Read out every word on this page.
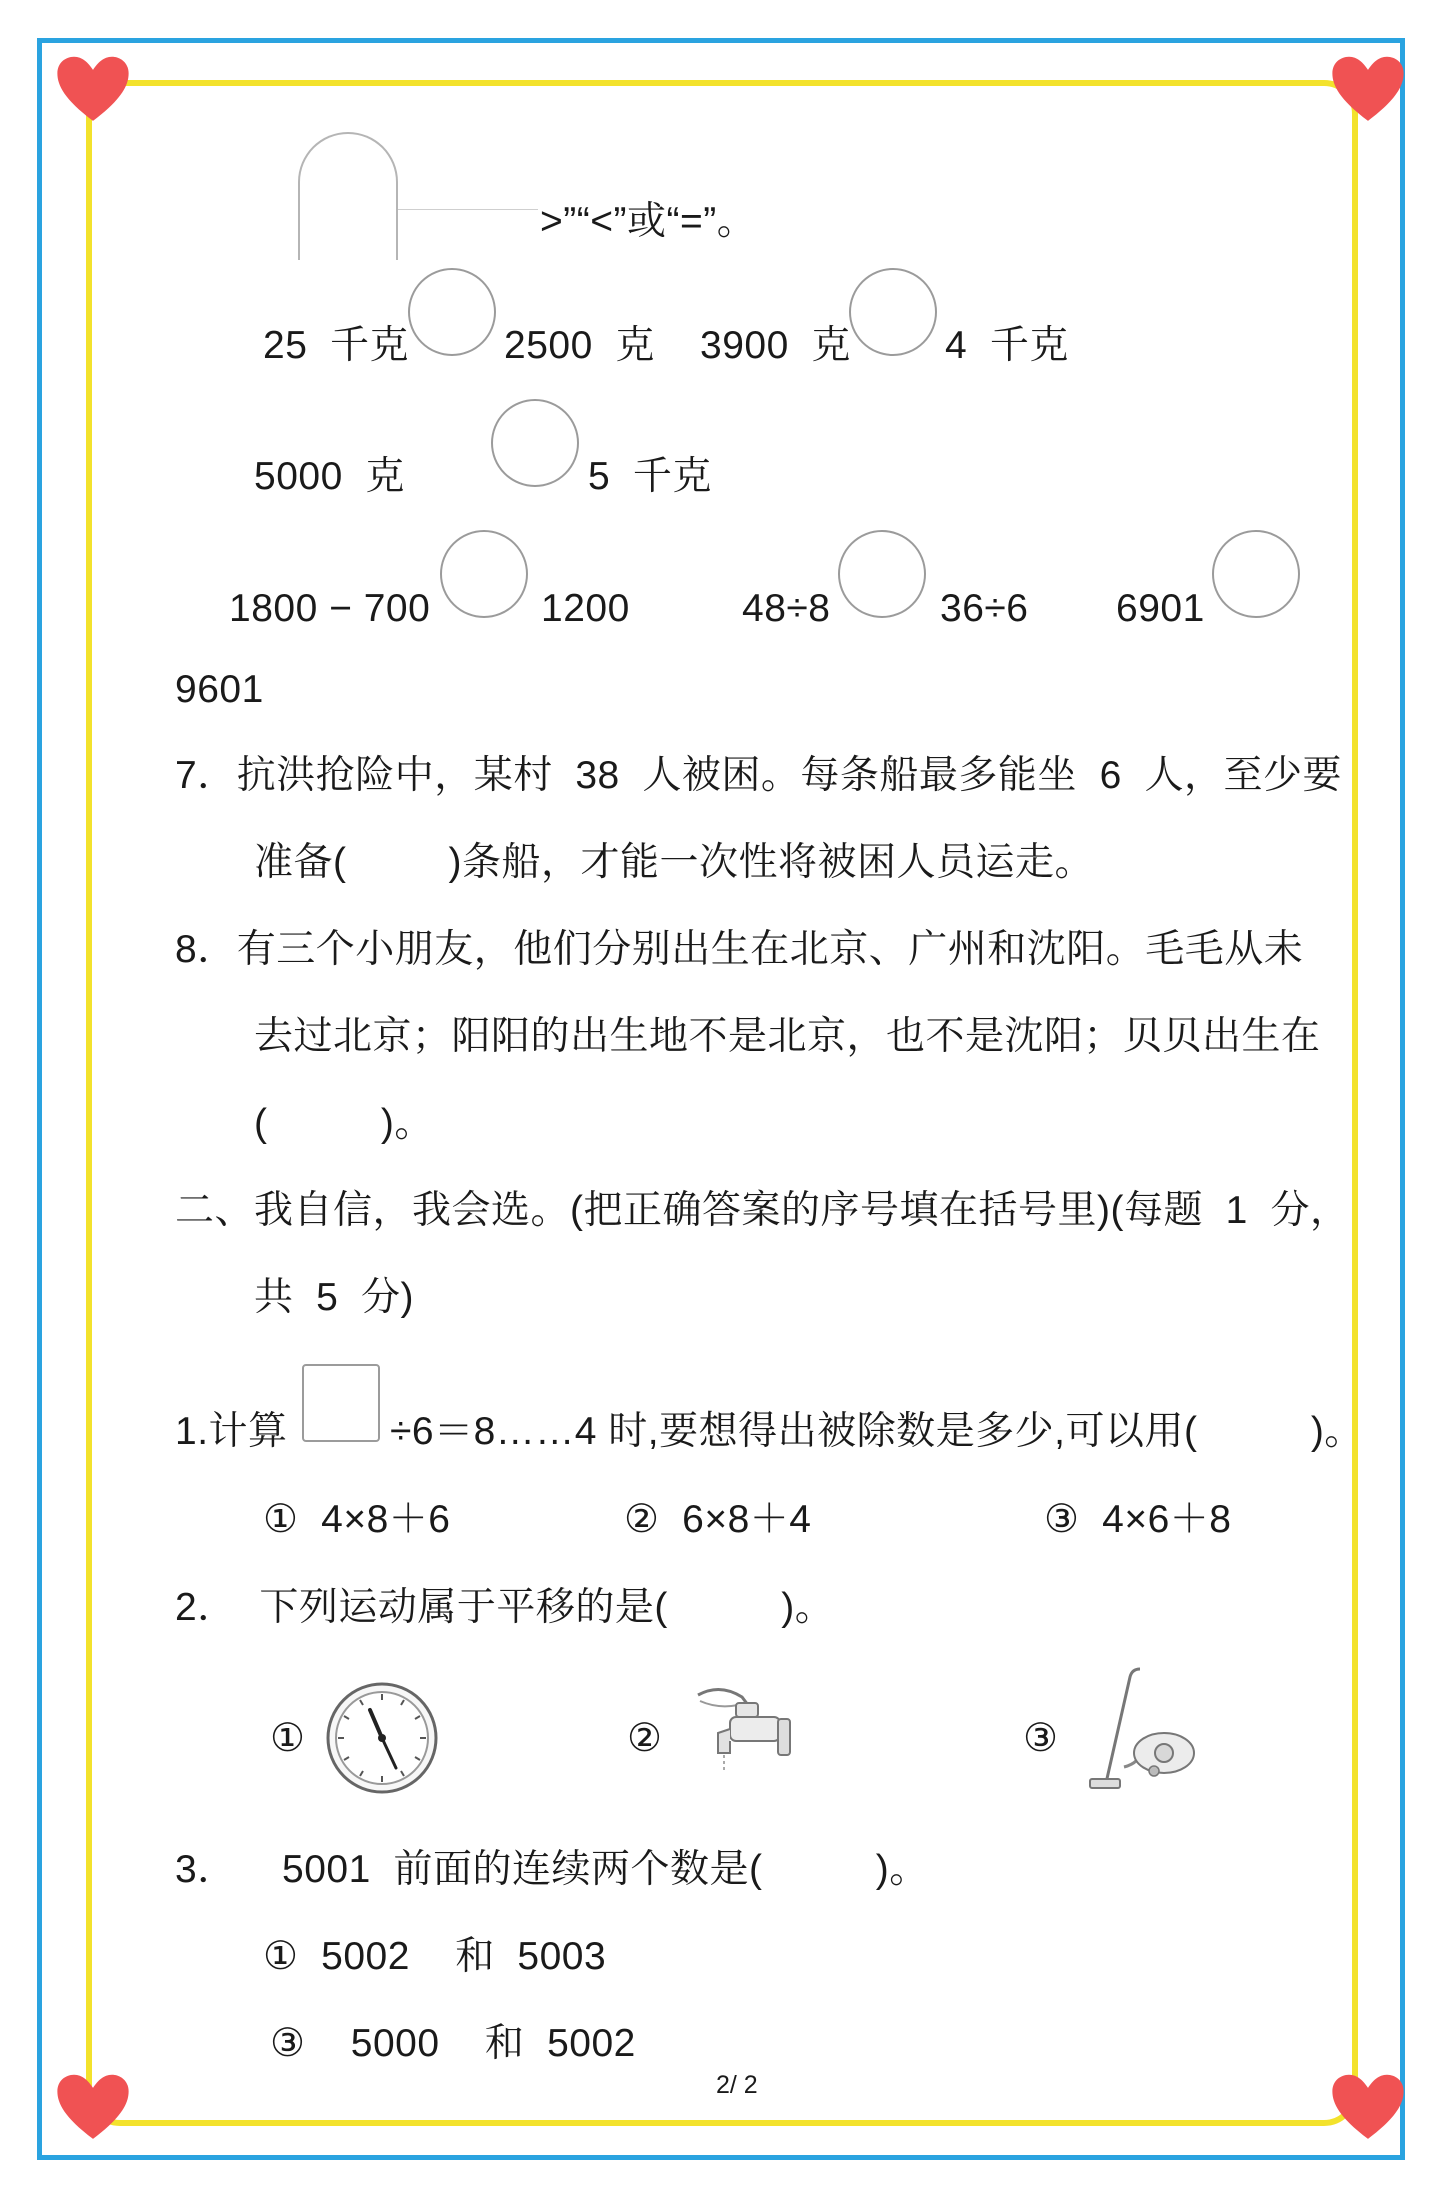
>”“<”或“=”。
25  千克 2500  克 3900  克 4  千克
5000  克	5  千克
1800 − 700	1200	48÷8	36÷6 6901
9601
7．抗洪抢险中，某村  38  人被困。每条船最多能坐  6  人，至少要
准备(         )条船，才能一次性将被困人员运走。
8．有三个小朋友，他们分别出生在北京、广州和沈阳。毛毛从未
去过北京；阳阳的出生地不是北京，也不是沈阳；贝贝出生在
(          )。
二、我自信，我会选。(把正确答案的序号填在括号里)(每题  1  分，
共  5  分)
1.计算	÷6＝8……4 时,要想得出被除数是多少,可以用(          )。
①  4×8＋6	②  6×8＋4	③  4×6＋8
2．  下列运动属于平移的是(          )。
①	②	③
3．    5001  前面的连续两个数是(          )。
①  5002    和  5003
③    5000    和  5002
2/ 2
